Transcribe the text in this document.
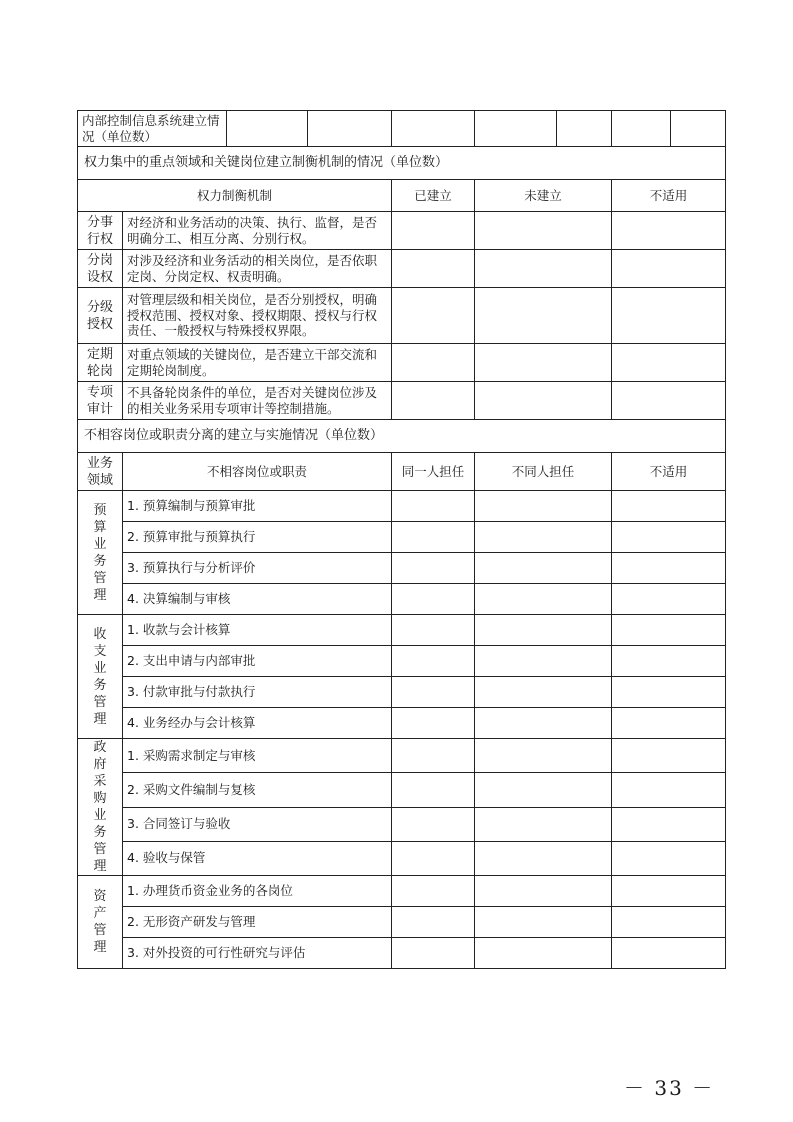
内部控制信息系统建立情况（单位数）									
权力集中的重点领域和关键岗位建立制衡机制的情况（单位数）									
权力制衡机制				已建立	未建立		不适用		
分事行权	对经济和业务活动的决策、执行、监督，是否明确分工、相互分离、分别行权。								
分岗设权	对涉及经济和业务活动的相关岗位，是否依职定岗、分岗定权、权责明确。								
分级授权	对管理层级和相关岗位，是否分别授权，明确授权范围、授权对象、授权期限、授权与行权责任、一般授权与特殊授权界限。								
定期轮岗	对重点领域的关键岗位，是否建立干部交流和定期轮岗制度。								
专项审计	不具备轮岗条件的单位，是否对关键岗位涉及的相关业务采用专项审计等控制措施。								
不相容岗位或职责分离的建立与实施情况（单位数）									
业务领域	不相容岗位或职责			同一人担任	不同人担任		不适用		
预算业务管理	1. 预算编制与预算审批								
	2. 预算审批与预算执行								
	3. 预算执行与分析评价								
	4. 决算编制与审核								
收支业务管理	1. 收款与会计核算								
	2. 支出申请与内部审批								
	3. 付款审批与付款执行								
	4. 业务经办与会计核算								
政府采购业务管理	1. 采购需求制定与审核								
	2. 采购文件编制与复核								
	3. 合同签订与验收								
	4. 验收与保管								
资产管理	1. 办理货币资金业务的各岗位								
	2. 无形资产研发与管理								
	3. 对外投资的可行性研究与评估								
－ 33 －
